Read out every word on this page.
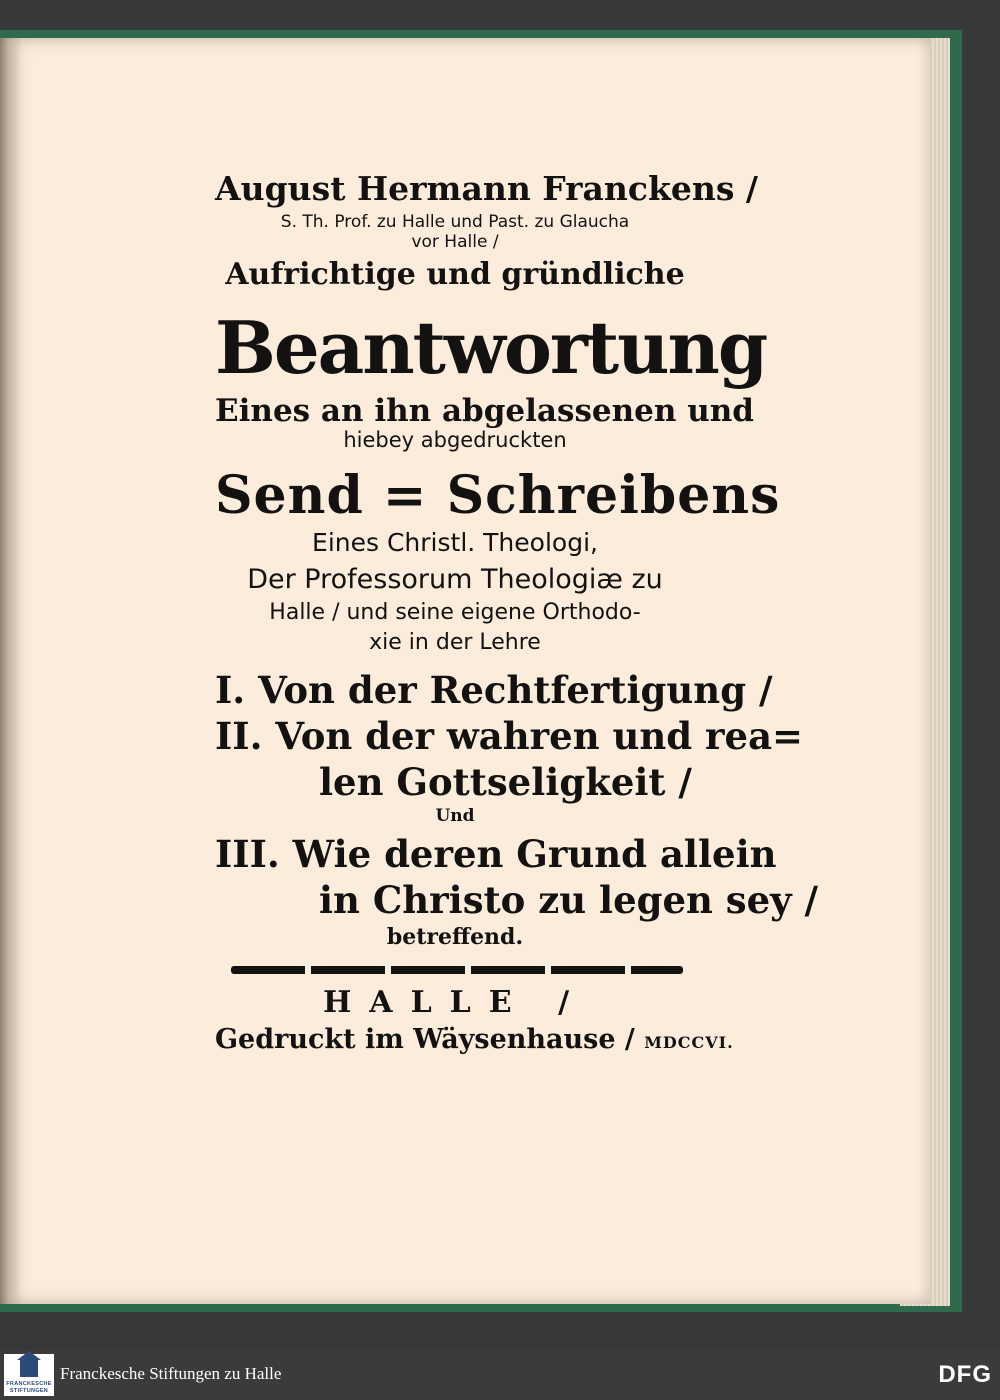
August Hermann Franckens /
S. Th. Prof. zu Halle und Past. zu Glaucha
vor Halle /
Aufrichtige und gründliche
Beantwortung
Eines an ihn abgelassenen und
hiebey abgedruckten
Send = Schreibens
Eines Christl. Theologi,
Der Professorum Theologiæ zu
Halle / und seine eigene Orthodo-
xie in der Lehre
I. Von der Rechtfertigung /
II. Von der wahren und rea=
len Gottseligkeit /
Und
III. Wie deren Grund allein
in Christo zu legen sey /
betreffend.
HALLE /
Gedruckt im Wäysenhause / MDCCVI.
FRANCKESCHE
STIFTUNGEN
Franckesche Stiftungen zu Halle	DFG
